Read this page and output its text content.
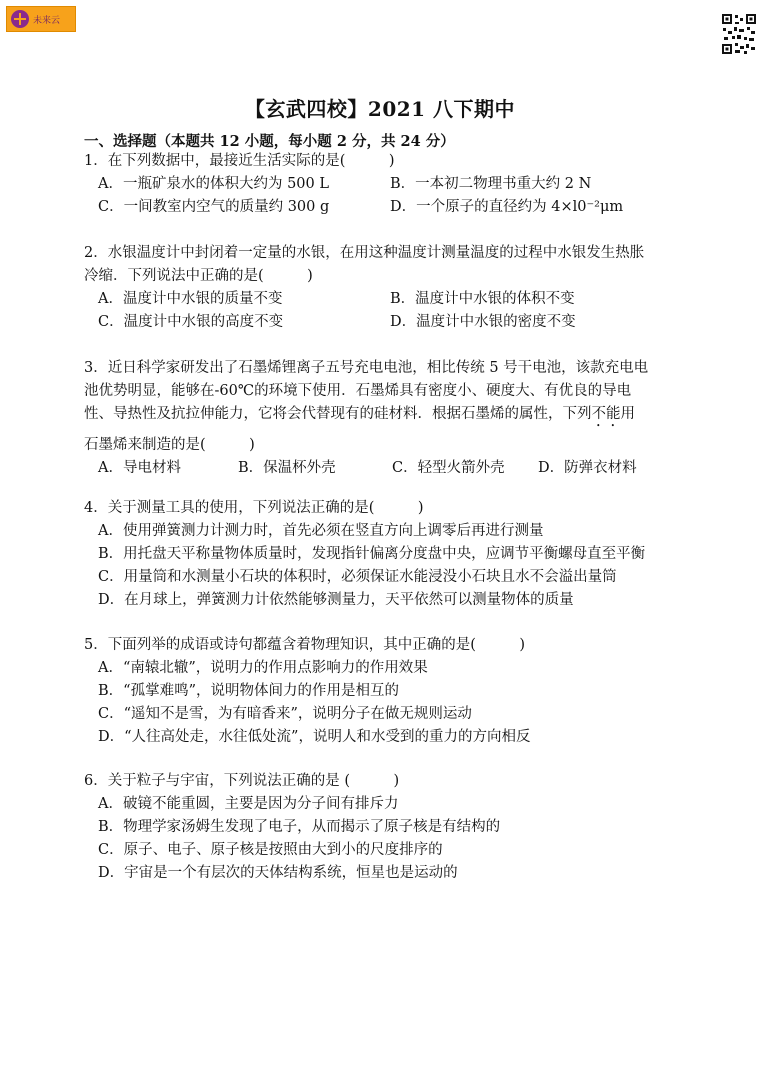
未来云
【玄武四校】2021 八下期中
一、选择题（本题共 12 小题，每小题 2 分，共 24 分）
1．在下列数据中，最接近生活实际的是(　　　)
A．一瓶矿泉水的体积大约为 500 L	B．一本初二物理书重大约 2 N
C．一间教室内空气的质量约 300 g	D．一个原子的直径约为 4×l0⁻²μm
2．水银温度计中封闭着一定量的水银，在用这种温度计测量温度的过程中水银发生热胀
冷缩．下列说法中正确的是(　　　)
A．温度计中水银的质量不变	B．温度计中水银的体积不变
C．温度计中水银的高度不变	D．温度计中水银的密度不变
3．近日科学家研发出了石墨烯锂离子五号充电电池，相比传统 5 号干电池，该款充电电
池优势明显，能够在-60℃的环境下使用．石墨烯具有密度小、硬度大、有优良的导电
性、导热性及抗拉伸能力，它将会代替现有的硅材料．根据石墨烯的属性，下列不能用
石墨烯来制造的是(　　　)
A．导电材料	B．保温杯外壳	C．轻型火箭外壳	D．防弹衣材料
4．关于测量工具的使用，下列说法正确的是(　　　)
A．使用弹簧测力计测力时，首先必须在竖直方向上调零后再进行测量
B．用托盘天平称量物体质量时，发现指针偏离分度盘中央，应调节平衡螺母直至平衡
C．用量筒和水测量小石块的体积时，必须保证水能浸没小石块且水不会溢出量筒
D．在月球上，弹簧测力计依然能够测量力，天平依然可以测量物体的质量
5．下面列举的成语或诗句都蕴含着物理知识，其中正确的是(　　　)
A．“南辕北辙”，说明力的作用点影响力的作用效果
B．“孤掌难鸣”，说明物体间力的作用是相互的
C．“遥知不是雪，为有暗香来”，说明分子在做无规则运动
D．“人往高处走，水往低处流”，说明人和水受到的重力的方向相反
6．关于粒子与宇宙，下列说法正确的是 (　　　)
A．破镜不能重圆，主要是因为分子间有排斥力
B．物理学家汤姆生发现了电子，从而揭示了原子核是有结构的
C．原子、电子、原子核是按照由大到小的尺度排序的
D．宇宙是一个有层次的天体结构系统，恒星也是运动的
